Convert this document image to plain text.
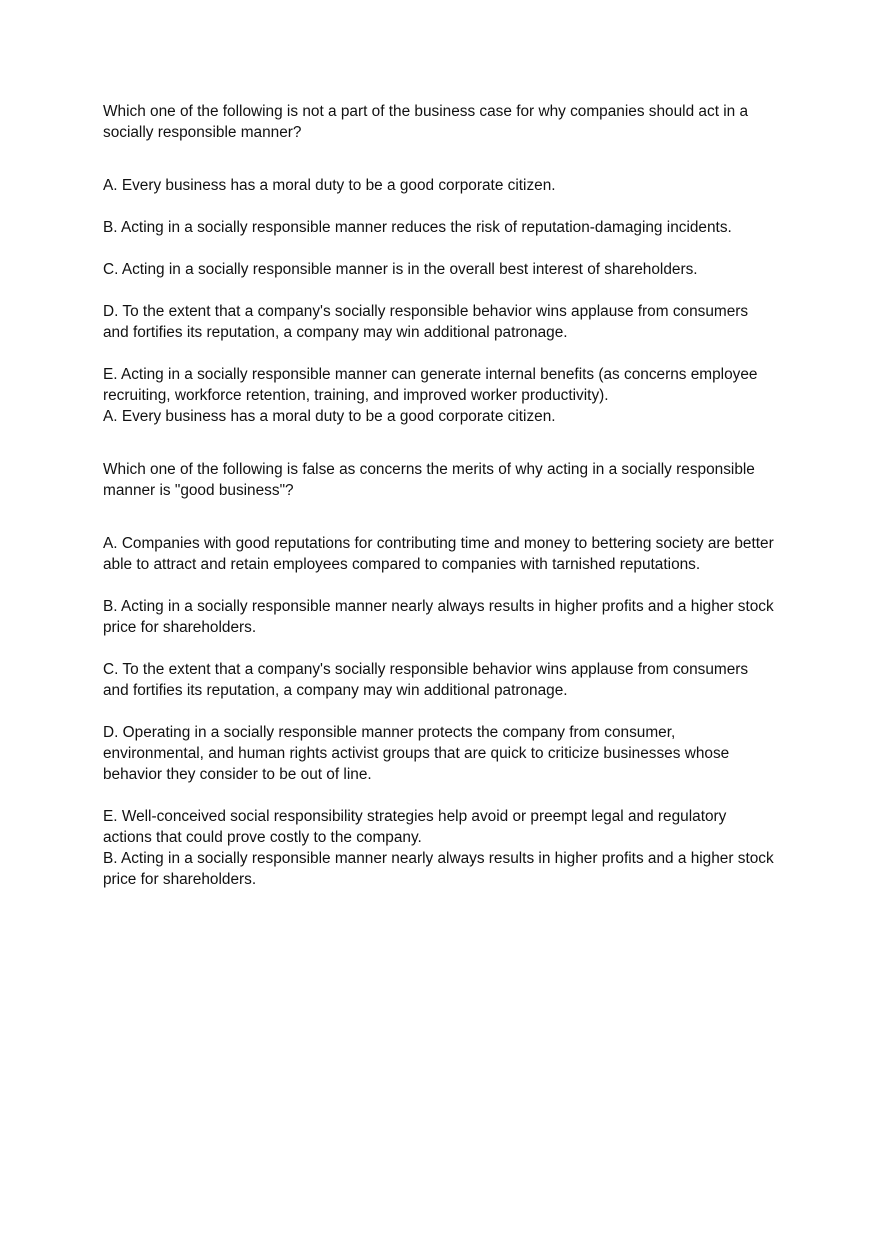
Which one of the following is not a part of the business case for why companies should act in a socially responsible manner?

A. Every business has a moral duty to be a good corporate citizen.

B. Acting in a socially responsible manner reduces the risk of reputation-damaging incidents.

C. Acting in a socially responsible manner is in the overall best interest of shareholders.

D. To the extent that a company's socially responsible behavior wins applause from consumers and fortifies its reputation, a company may win additional patronage.

E. Acting in a socially responsible manner can generate internal benefits (as concerns employee recruiting, workforce retention, training, and improved worker productivity).

A. Every business has a moral duty to be a good corporate citizen.

Which one of the following is false as concerns the merits of why acting in a socially responsible manner is "good business"?

A. Companies with good reputations for contributing time and money to bettering society are better able to attract and retain employees compared to companies with tarnished reputations.

B. Acting in a socially responsible manner nearly always results in higher profits and a higher stock price for shareholders.

C. To the extent that a company's socially responsible behavior wins applause from consumers and fortifies its reputation, a company may win additional patronage.

D. Operating in a socially responsible manner protects the company from consumer, environmental, and human rights activist groups that are quick to criticize businesses whose behavior they consider to be out of line.

E. Well-conceived social responsibility strategies help avoid or preempt legal and regulatory actions that could prove costly to the company.

B. Acting in a socially responsible manner nearly always results in higher profits and a higher stock price for shareholders.
